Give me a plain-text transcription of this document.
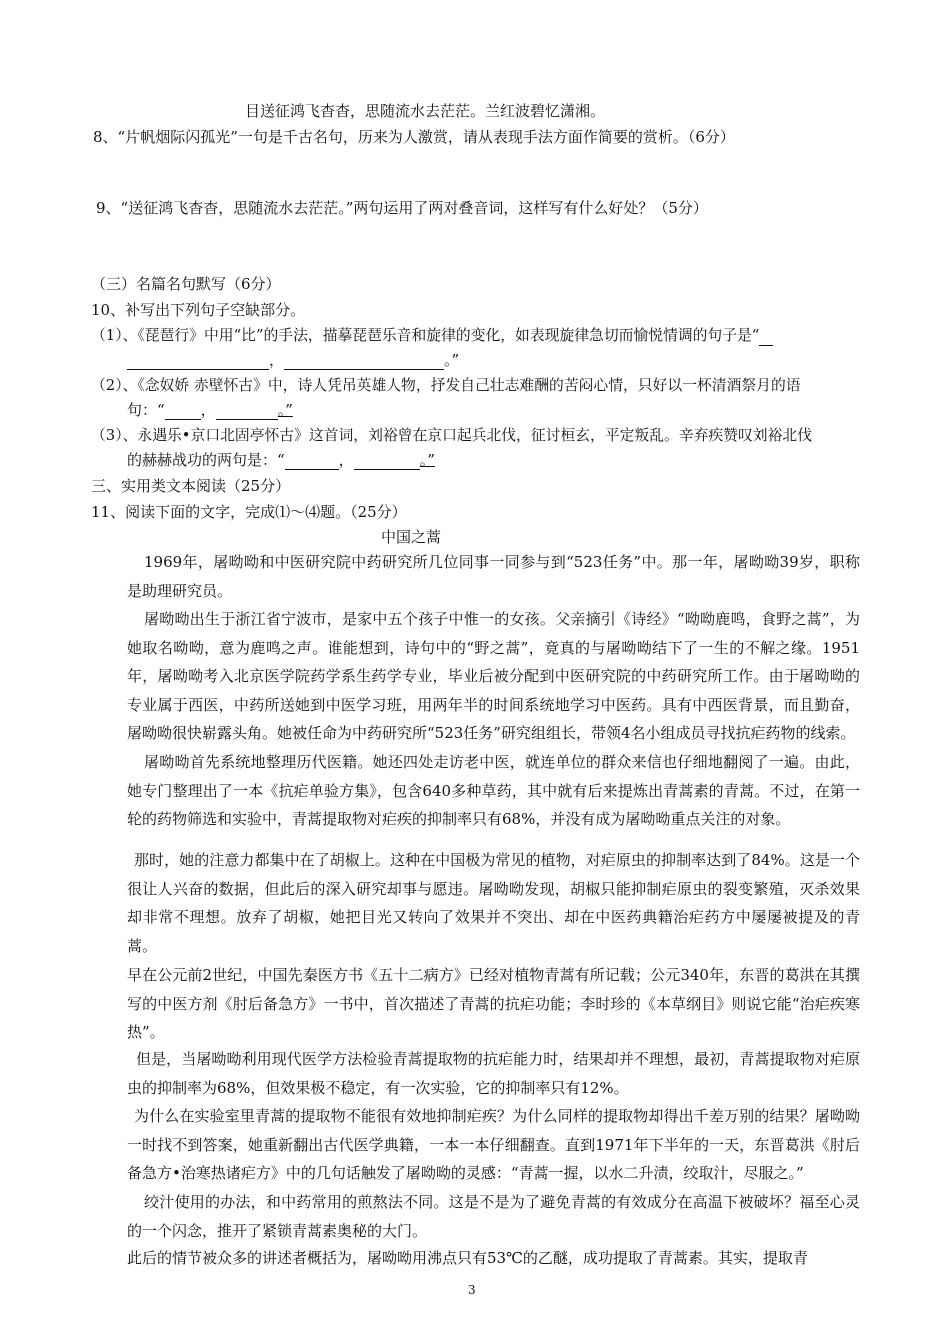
目送征鸿飞杳杳，思随流水去茫茫。兰红波碧忆潇湘。
8、“片帆烟际闪孤光”一句是千古名句，历来为人激赏，请从表现手法方面作简要的赏析。（6分）
9、“送征鸿飞杳杳，思随流水去茫茫。”两句运用了两对叠音词，这样写有什么好处？（5分）
（三）名篇名句默写（6分）
10、补写出下列句子空缺部分。
（1）、《琵琶行》中用“比”的手法，描摹琵琶乐音和旋律的变化，如表现旋律急切而愉悦情调的句子是“
，	。”
（2）、《念奴娇 赤壁怀古》中，诗人凭吊英雄人物，抒发自己壮志难酬的苦闷心情，只好以一杯清酒祭月的语
句：“ ，	。”
（3）、永遇乐•京口北固亭怀古》这首词，刘裕曾在京口起兵北伐，征讨桓玄，平定叛乱。辛弃疾赞叹刘裕北伐
的赫赫战功的两句是：“	，	。”
三、实用类文本阅读（25分）
11、阅读下面的文字，完成⑴～⑷题。（25分）
中国之蒿
1969年，屠呦呦和中医研究院中药研究所几位同事一同参与到“523任务”中。那一年，屠呦呦39岁，职称是助理研究员。
屠呦呦出生于浙江省宁波市，是家中五个孩子中惟一的女孩。父亲摘引《诗经》“呦呦鹿鸣，食野之蒿”，为她取名呦呦，意为鹿鸣之声。谁能想到，诗句中的“野之蒿”，竟真的与屠呦呦结下了一生的不解之缘。1951年，屠呦呦考入北京医学院药学系生药学专业，毕业后被分配到中医研究院的中药研究所工作。由于屠呦呦的专业属于西医，中药所送她到中医学习班，用两年半的时间系统地学习中医药。具有中西医背景，而且勤奋，屠呦呦很快崭露头角。她被任命为中药研究所“523任务”研究组组长，带领4名小组成员寻找抗疟药物的线索。
屠呦呦首先系统地整理历代医籍。她还四处走访老中医，就连单位的群众来信也仔细地翻阅了一遍。由此，她专门整理出了一本《抗疟单验方集》，包含640多种草药，其中就有后来提炼出青蒿素的青蒿。不过，在第一轮的药物筛选和实验中，青蒿提取物对疟疾的抑制率只有68%，并没有成为屠呦呦重点关注的对象。
那时，她的注意力都集中在了胡椒上。这种在中国极为常见的植物，对疟原虫的抑制率达到了84%。这是一个很让人兴奋的数据，但此后的深入研究却事与愿违。屠呦呦发现，胡椒只能抑制疟原虫的裂变繁殖，灭杀效果却非常不理想。放弃了胡椒，她把目光又转向了效果并不突出、却在中医药典籍治疟药方中屡屡被提及的青蒿。
早在公元前2世纪，中国先秦医方书《五十二病方》已经对植物青蒿有所记载；公元340年，东晋的葛洪在其撰写的中医方剂《肘后备急方》一书中，首次描述了青蒿的抗疟功能；李时珍的《本草纲目》则说它能“治疟疾寒热”。
但是，当屠呦呦利用现代医学方法检验青蒿提取物的抗疟能力时，结果却并不理想，最初，青蒿提取物对疟原虫的抑制率为68%，但效果极不稳定，有一次实验，它的抑制率只有12%。
为什么在实验室里青蒿的提取物不能很有效地抑制疟疾？为什么同样的提取物却得出千差万别的结果？屠呦呦一时找不到答案，她重新翻出古代医学典籍，一本一本仔细翻查。直到1971年下半年的一天，东晋葛洪《肘后备急方•治寒热诸疟方》中的几句话触发了屠呦呦的灵感：“青蒿一握，以水二升渍，绞取汁，尽服之。”
绞汁使用的办法，和中药常用的煎熬法不同。这是不是为了避免青蒿的有效成分在高温下被破坏？福至心灵的一个闪念，推开了紧锁青蒿素奥秘的大门。
此后的情节被众多的讲述者概括为，屠呦呦用沸点只有53℃的乙醚，成功提取了青蒿素。其实，提取青
3
